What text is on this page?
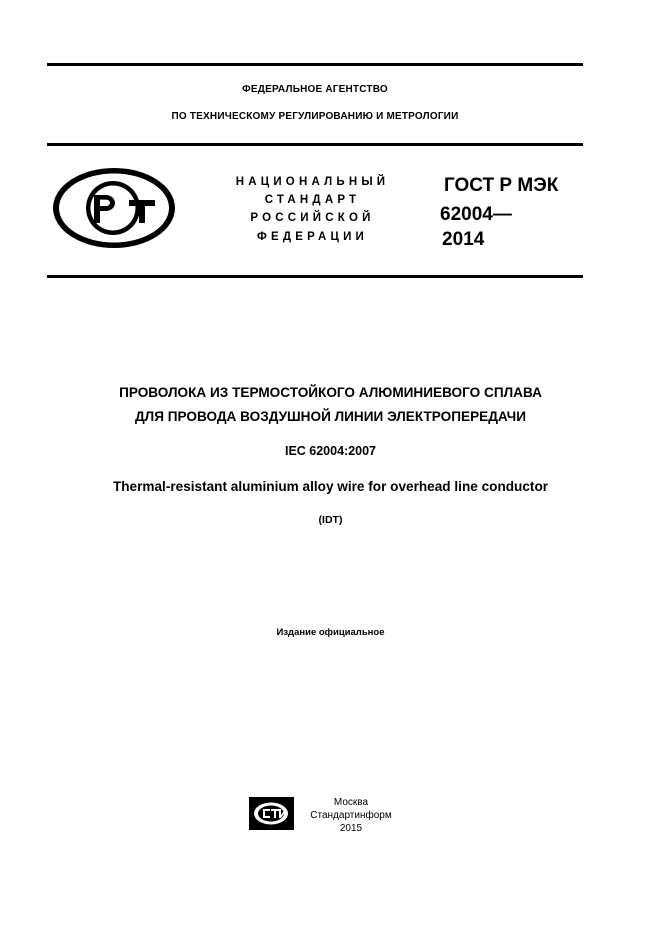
ФЕДЕРАЛЬНОЕ АГЕНТСТВО
ПО ТЕХНИЧЕСКОМУ РЕГУЛИРОВАНИЮ И МЕТРОЛОГИИ
НАЦИОНАЛЬНЫЙ
СТАНДАРТ
РОССИЙСКОЙ
ФЕДЕРАЦИИ
ГОСТ Р МЭК
62004—
2014
ПРОВОЛОКА ИЗ ТЕРМОСТОЙКОГО АЛЮМИНИЕВОГО СПЛАВА
ДЛЯ ПРОВОДА ВОЗДУШНОЙ ЛИНИИ ЭЛЕКТРОПЕРЕДАЧИ
IEC 62004:2007
Thermal-resistant aluminium alloy wire for overhead line conductor
(IDT)
Издание официальное
Москва
Стандартинформ
2015
